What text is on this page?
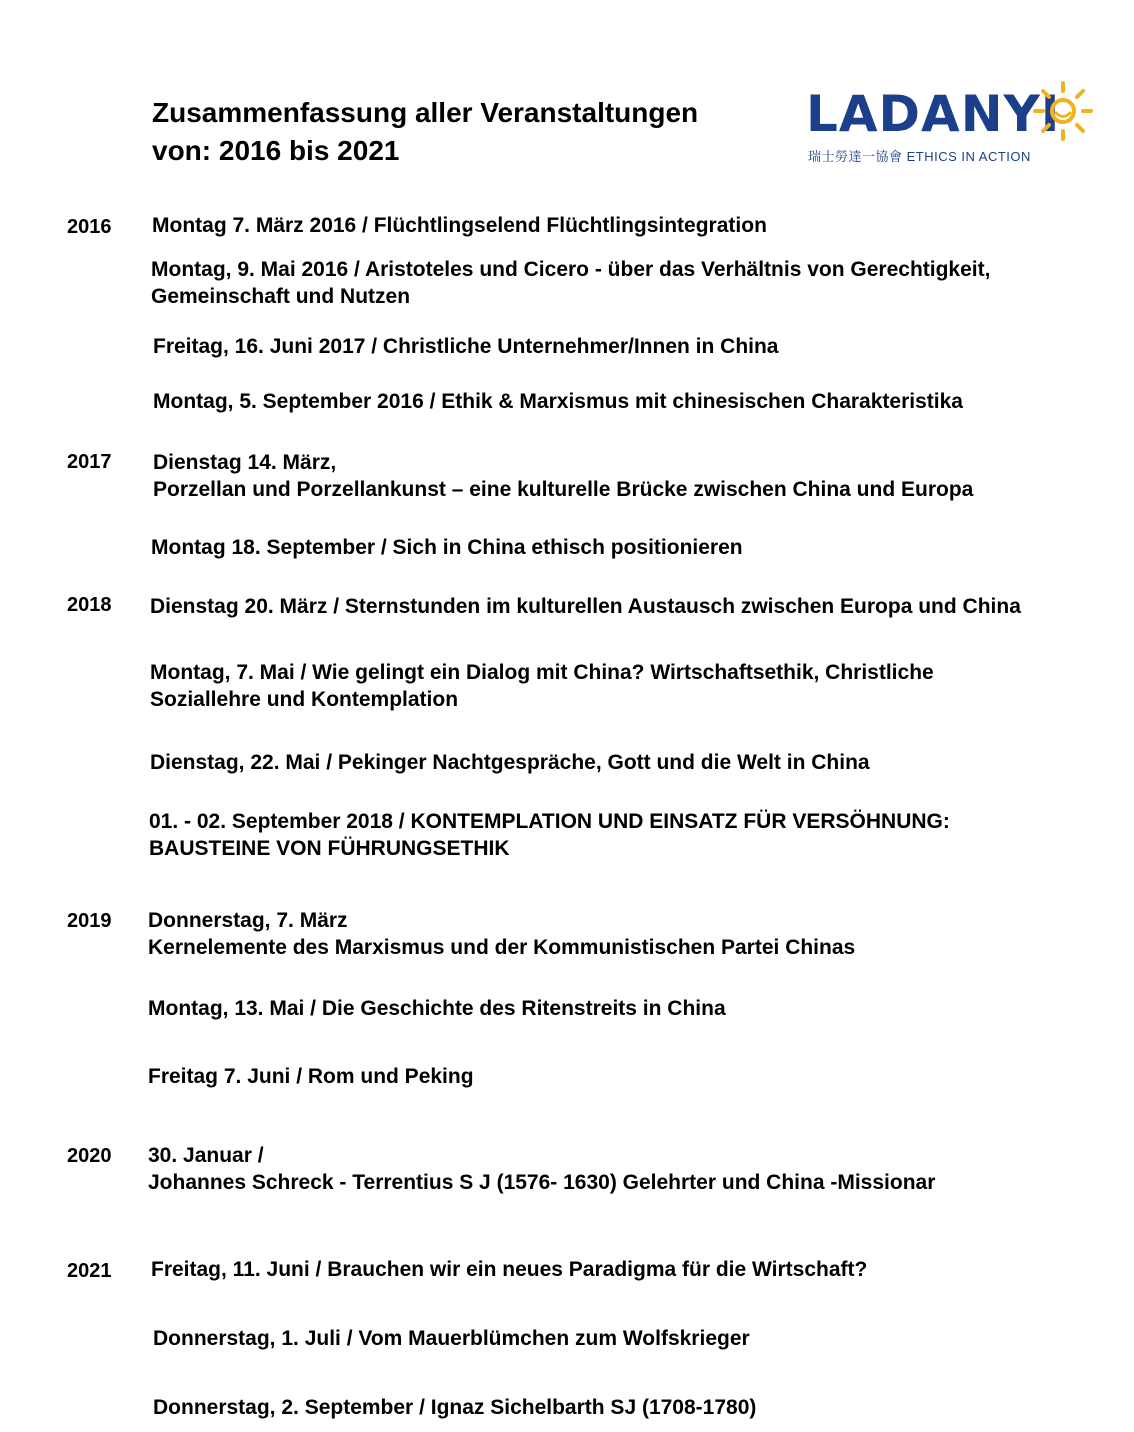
Zusammenfassung aller Veranstaltungen
von: 2016 bis 2021
LADANYI
瑞士勞達一協會 ETHICS IN ACTION
2016
2017
2018
2019
2020
2021
Montag 7. März 2016 / Flüchtlingselend Flüchtlingsintegration
Montag, 9. Mai 2016 / Aristoteles und Cicero - über das Verhältnis von Gerechtigkeit,
Gemeinschaft und Nutzen
Freitag, 16. Juni 2017 / Christliche Unternehmer/Innen in China
Montag, 5. September 2016 / Ethik & Marxismus mit chinesischen Charakteristika
Dienstag 14. März,
Porzellan und Porzellankunst – eine kulturelle Brücke zwischen China und Europa
Montag 18. September / Sich in China ethisch positionieren
Dienstag 20. März / Sternstunden im kulturellen Austausch zwischen Europa und China
Montag, 7. Mai / Wie gelingt ein Dialog mit China? Wirtschaftsethik, Christliche
Soziallehre und Kontemplation
Dienstag, 22. Mai / Pekinger Nachtgespräche, Gott und die Welt in China
01. - 02. September 2018 / KONTEMPLATION UND EINSATZ FÜR VERSÖHNUNG:
BAUSTEINE VON FÜHRUNGSETHIK
Donnerstag, 7. März
Kernelemente des Marxismus und der Kommunistischen Partei Chinas
Montag, 13. Mai / Die Geschichte des Ritenstreits in China
Freitag 7. Juni / Rom und Peking
30. Januar /
Johannes Schreck - Terrentius S J (1576- 1630) Gelehrter und China -Missionar
Freitag, 11. Juni / Brauchen wir ein neues Paradigma für die Wirtschaft?
Donnerstag, 1. Juli / Vom Mauerblümchen zum Wolfskrieger
Donnerstag, 2. September / Ignaz Sichelbarth SJ (1708-1780)
